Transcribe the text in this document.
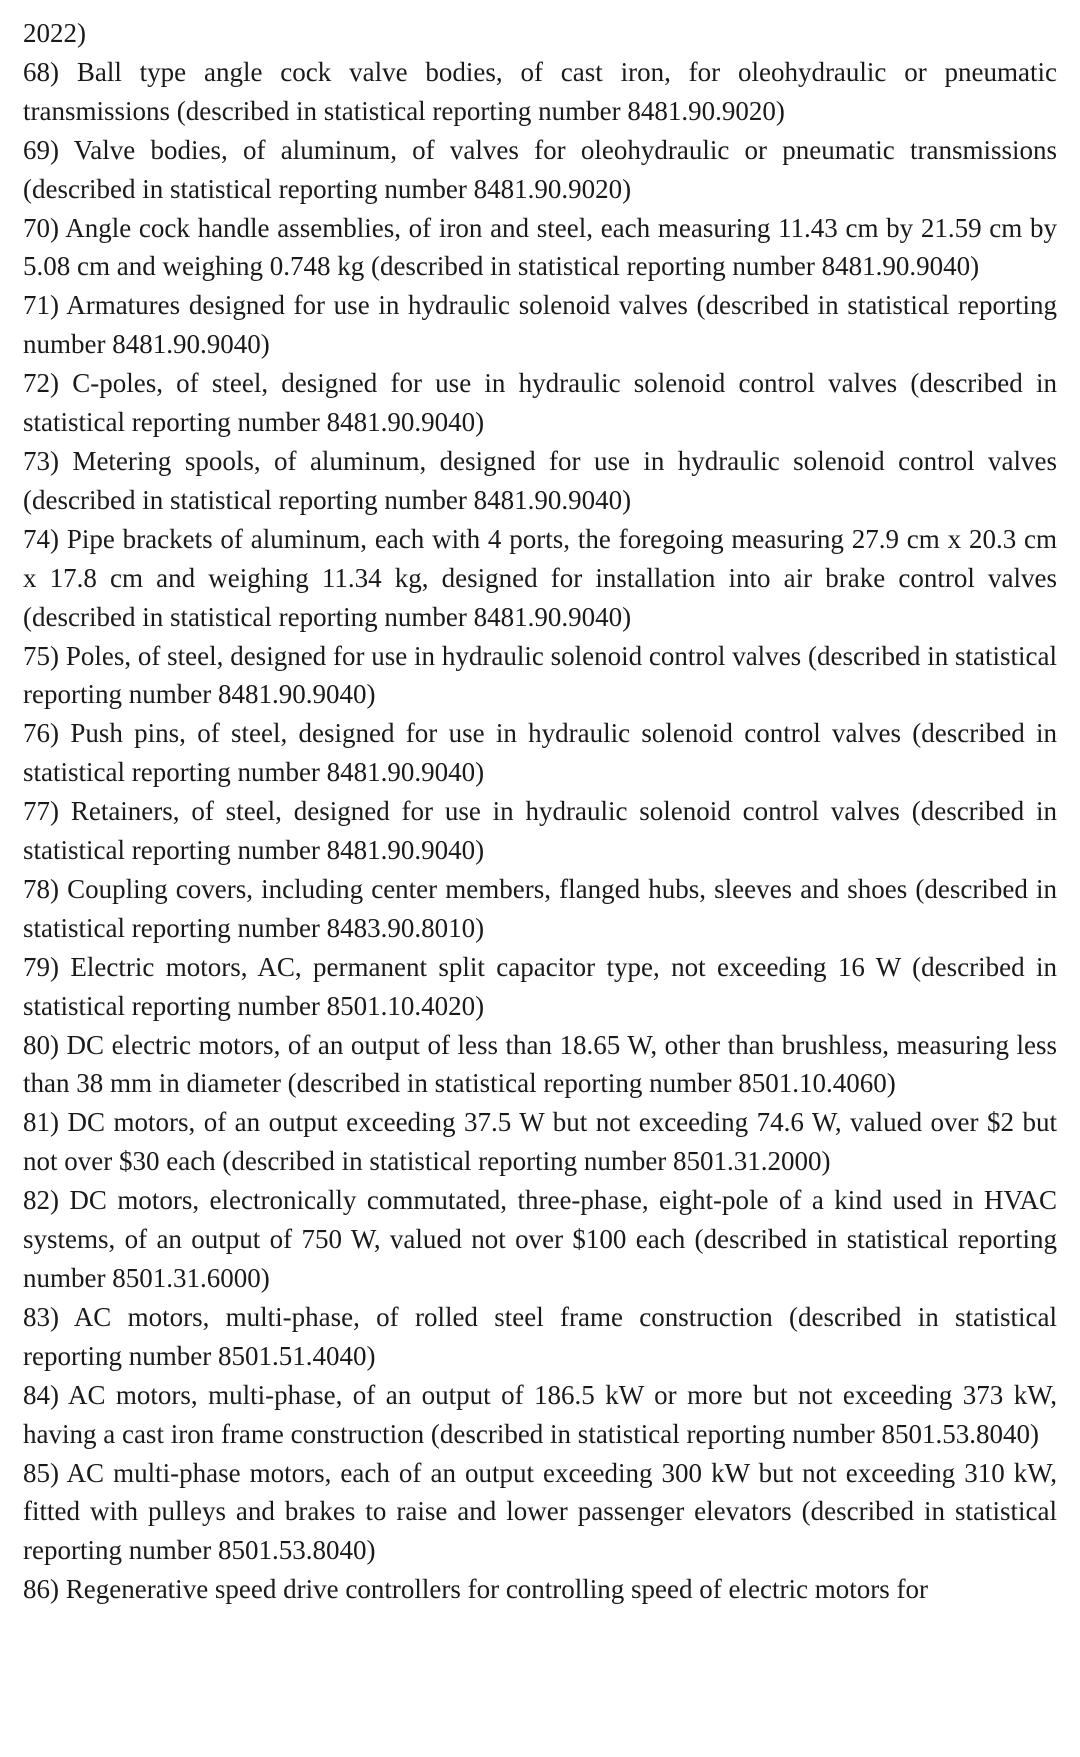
2022)

68) Ball type angle cock valve bodies, of cast iron, for oleohydraulic or pneumatic transmissions (described in statistical reporting number 8481.90.9020)

69) Valve bodies, of aluminum, of valves for oleohydraulic or pneumatic transmissions (described in statistical reporting number 8481.90.9020)

70) Angle cock handle assemblies, of iron and steel, each measuring 11.43 cm by 21.59 cm by 5.08 cm and weighing 0.748 kg (described in statistical reporting number 8481.90.9040)

71) Armatures designed for use in hydraulic solenoid valves (described in statistical reporting number 8481.90.9040)

72) C-poles, of steel, designed for use in hydraulic solenoid control valves (described in statistical reporting number 8481.90.9040)

73) Metering spools, of aluminum, designed for use in hydraulic solenoid control valves (described in statistical reporting number 8481.90.9040)

74) Pipe brackets of aluminum, each with 4 ports, the foregoing measuring 27.9 cm x 20.3 cm x 17.8 cm and weighing 11.34 kg, designed for installation into air brake control valves (described in statistical reporting number 8481.90.9040)

75) Poles, of steel, designed for use in hydraulic solenoid control valves (described in statistical reporting number 8481.90.9040)

76) Push pins, of steel, designed for use in hydraulic solenoid control valves (described in statistical reporting number 8481.90.9040)

77) Retainers, of steel, designed for use in hydraulic solenoid control valves (described in statistical reporting number 8481.90.9040)

78) Coupling covers, including center members, flanged hubs, sleeves and shoes (described in statistical reporting number 8483.90.8010)

79) Electric motors, AC, permanent split capacitor type, not exceeding 16 W (described in statistical reporting number 8501.10.4020)

80) DC electric motors, of an output of less than 18.65 W, other than brushless, measuring less than 38 mm in diameter (described in statistical reporting number 8501.10.4060)

81) DC motors, of an output exceeding 37.5 W but not exceeding 74.6 W, valued over $2 but not over $30 each (described in statistical reporting number 8501.31.2000)

82) DC motors, electronically commutated, three-phase, eight-pole of a kind used in HVAC systems, of an output of 750 W, valued not over $100 each (described in statistical reporting number 8501.31.6000)

83) AC motors, multi-phase, of rolled steel frame construction (described in statistical reporting number 8501.51.4040)

84) AC motors, multi-phase, of an output of 186.5 kW or more but not exceeding 373 kW, having a cast iron frame construction (described in statistical reporting number 8501.53.8040)

85) AC multi-phase motors, each of an output exceeding 300 kW but not exceeding 310 kW, fitted with pulleys and brakes to raise and lower passenger elevators (described in statistical reporting number 8501.53.8040)

86) Regenerative speed drive controllers for controlling speed of electric motors for
